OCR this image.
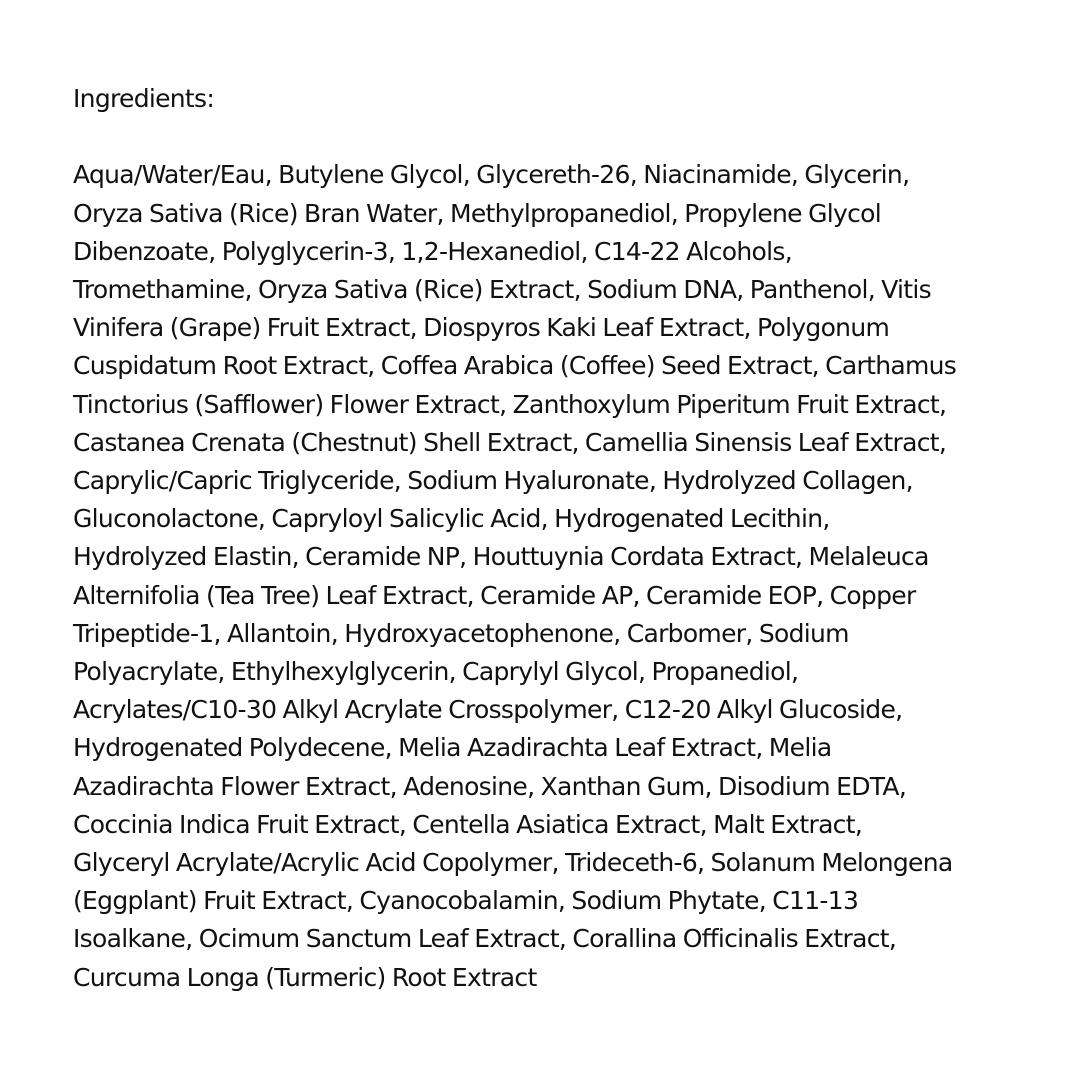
Ingredients:
Aqua/Water/Eau, Butylene Glycol, Glycereth-26, Niacinamide, Glycerin,
Oryza Sativa (Rice) Bran Water, Methylpropanediol, Propylene Glycol
Dibenzoate, Polyglycerin-3, 1,2-Hexanediol, C14-22 Alcohols,
Tromethamine, Oryza Sativa (Rice) Extract, Sodium DNA, Panthenol, Vitis
Vinifera (Grape) Fruit Extract, Diospyros Kaki Leaf Extract, Polygonum
Cuspidatum Root Extract, Coffea Arabica (Coffee) Seed Extract, Carthamus
Tinctorius (Safflower) Flower Extract, Zanthoxylum Piperitum Fruit Extract,
Castanea Crenata (Chestnut) Shell Extract, Camellia Sinensis Leaf Extract,
Caprylic/Capric Triglyceride, Sodium Hyaluronate, Hydrolyzed Collagen,
Gluconolactone, Capryloyl Salicylic Acid, Hydrogenated Lecithin,
Hydrolyzed Elastin, Ceramide NP, Houttuynia Cordata Extract, Melaleuca
Alternifolia (Tea Tree) Leaf Extract, Ceramide AP, Ceramide EOP, Copper
Tripeptide-1, Allantoin, Hydroxyacetophenone, Carbomer, Sodium
Polyacrylate, Ethylhexylglycerin, Caprylyl Glycol, Propanediol,
Acrylates/C10-30 Alkyl Acrylate Crosspolymer, C12-20 Alkyl Glucoside,
Hydrogenated Polydecene, Melia Azadirachta Leaf Extract, Melia
Azadirachta Flower Extract, Adenosine, Xanthan Gum, Disodium EDTA,
Coccinia Indica Fruit Extract, Centella Asiatica Extract, Malt Extract,
Glyceryl Acrylate/Acrylic Acid Copolymer, Trideceth-6, Solanum Melongena
(Eggplant) Fruit Extract, Cyanocobalamin, Sodium Phytate, C11-13
Isoalkane, Ocimum Sanctum Leaf Extract, Corallina Officinalis Extract,
Curcuma Longa (Turmeric) Root Extract
